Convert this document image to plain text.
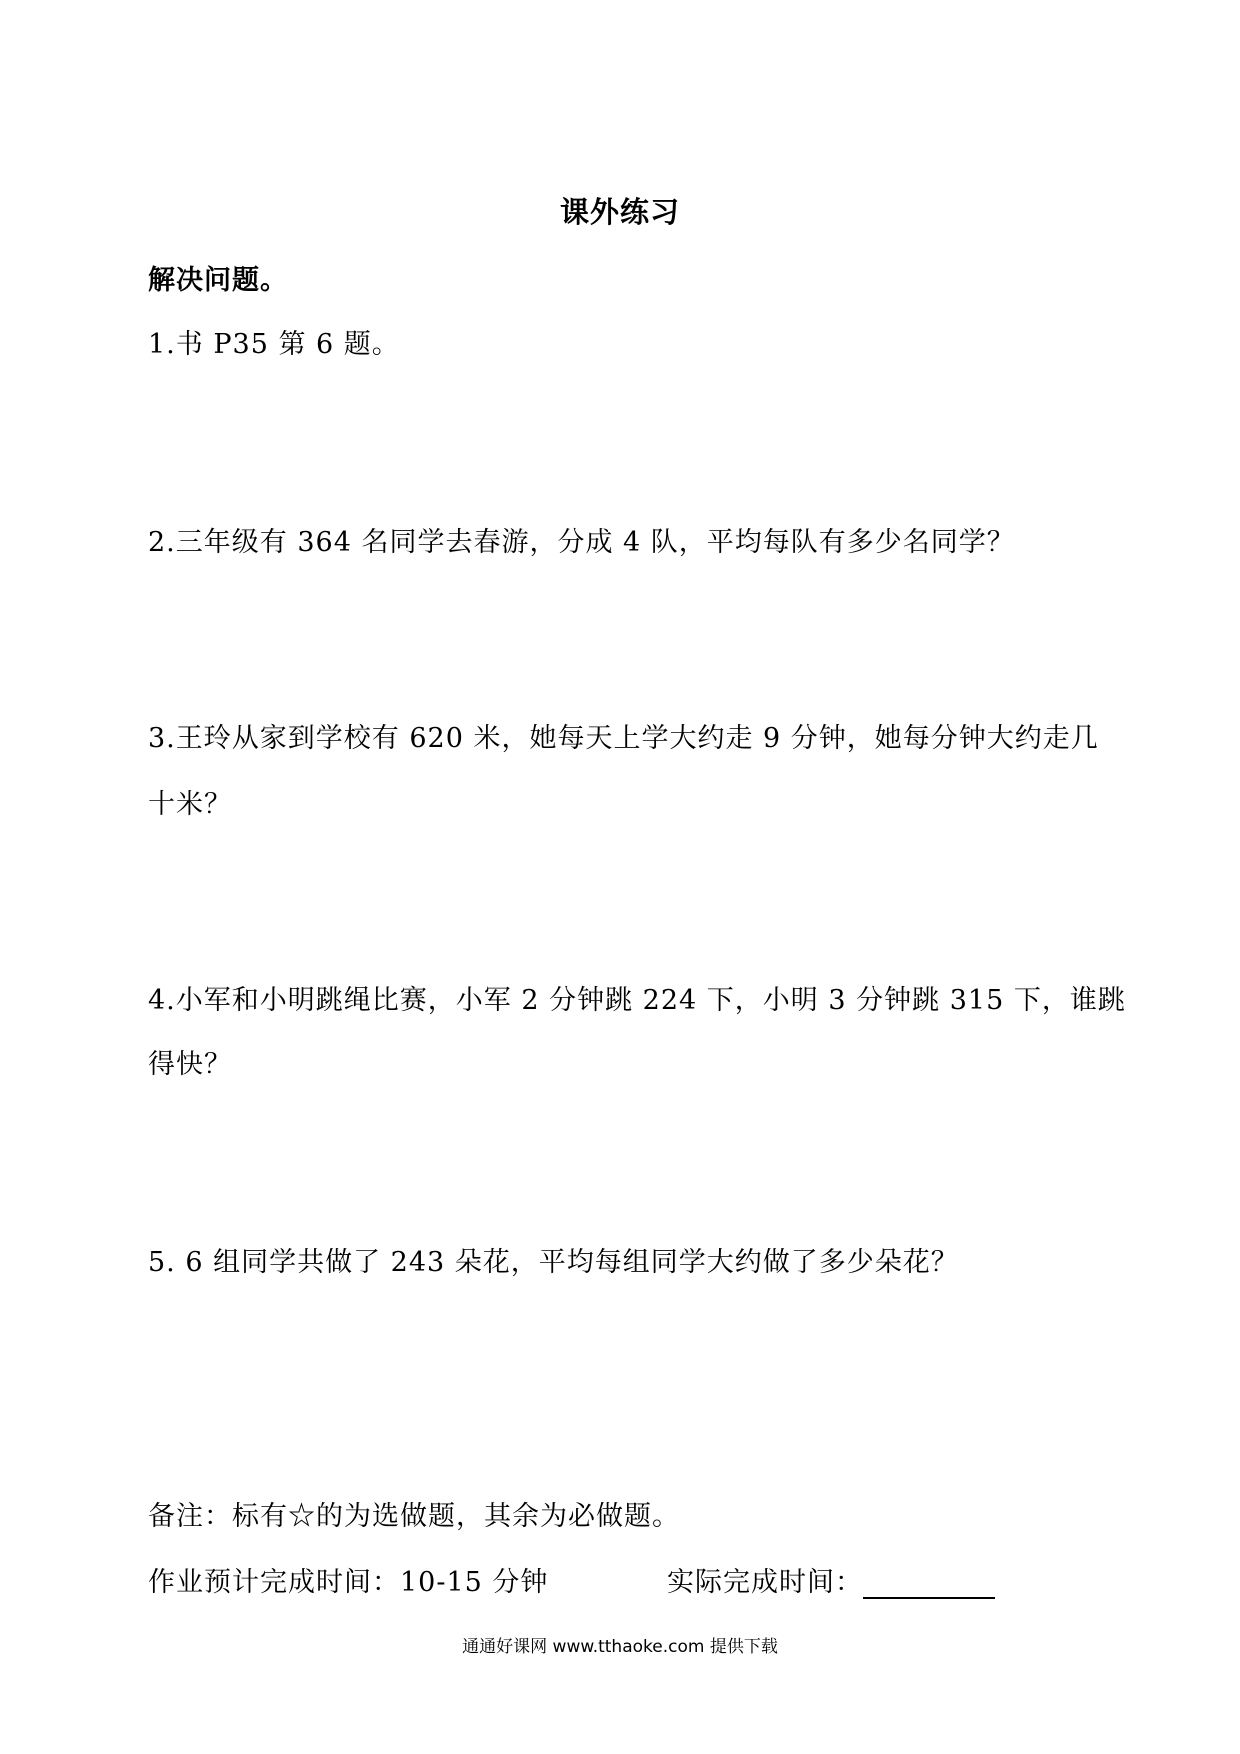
课外练习
解决问题。
1.书 P35 第 6 题。
2.三年级有 364 名同学去春游，分成 4 队，平均每队有多少名同学？
3.王玲从家到学校有 620 米，她每天上学大约走 9 分钟，她每分钟大约走几
十米？
4.小军和小明跳绳比赛，小军 2 分钟跳 224 下，小明 3 分钟跳 315 下，谁跳
得快？
5. 6 组同学共做了 243 朵花，平均每组同学大约做了多少朵花？
备注：标有☆的为选做题，其余为必做题。
作业预计完成时间：10-15 分钟	实际完成时间：
通通好课网 www.tthaoke.com 提供下载
